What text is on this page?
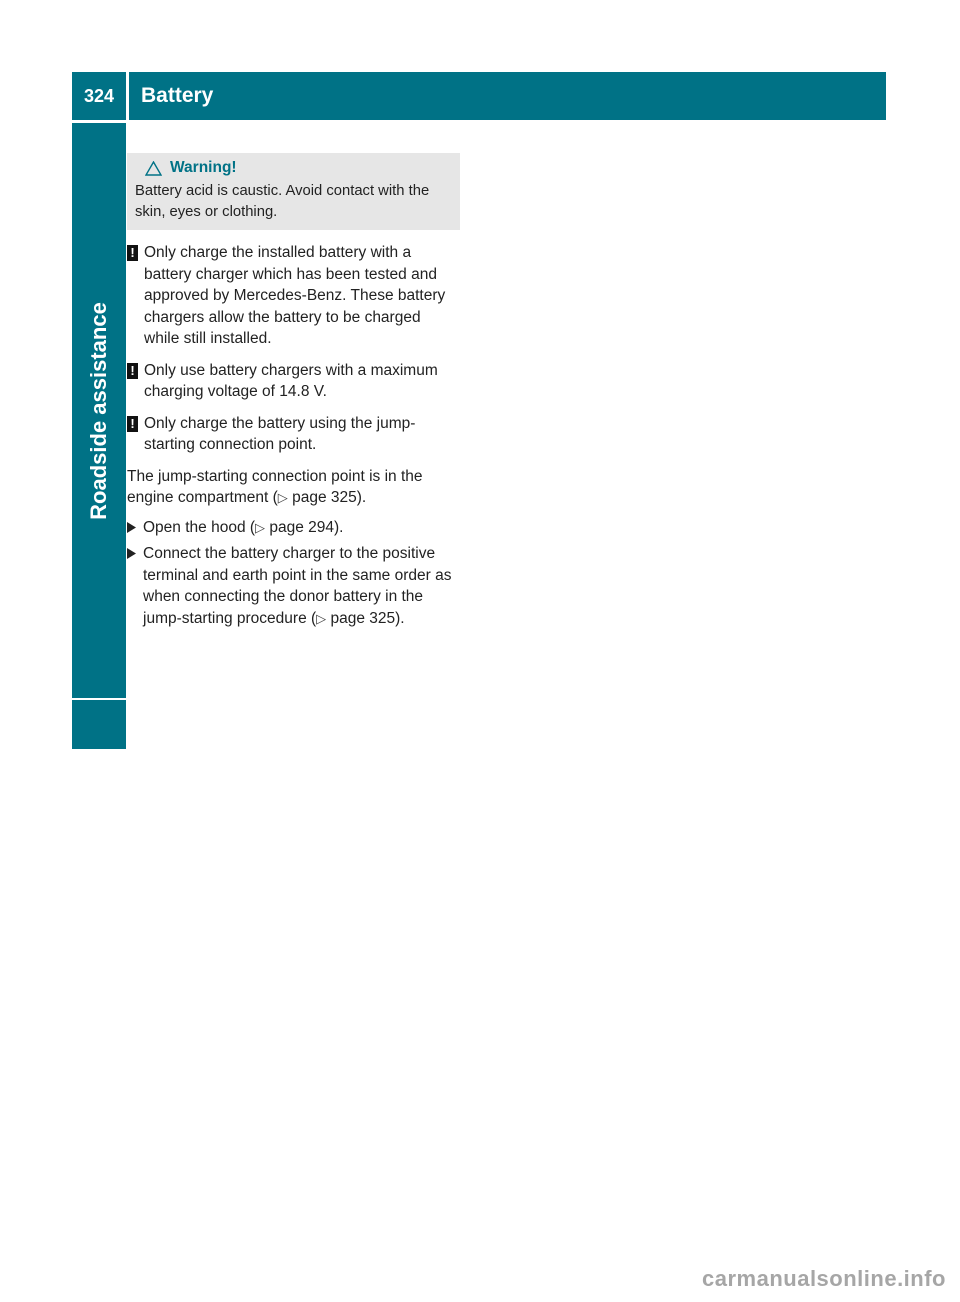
324	Battery
Roadside assistance
Warning!
Battery acid is caustic. Avoid contact with the skin, eyes or clothing.
! Only charge the installed battery with a battery charger which has been tested and approved by Mercedes-Benz. These battery chargers allow the battery to be charged while still installed.
! Only use battery chargers with a maximum charging voltage of 14.8 V.
! Only charge the battery using the jump-starting connection point.
The jump-starting connection point is in the engine compartment (▷ page 325).
Open the hood (▷ page 294).
Connect the battery charger to the positive terminal and earth point in the same order as when connecting the donor battery in the jump-starting procedure (▷ page 325).
carmanualsonline.info
